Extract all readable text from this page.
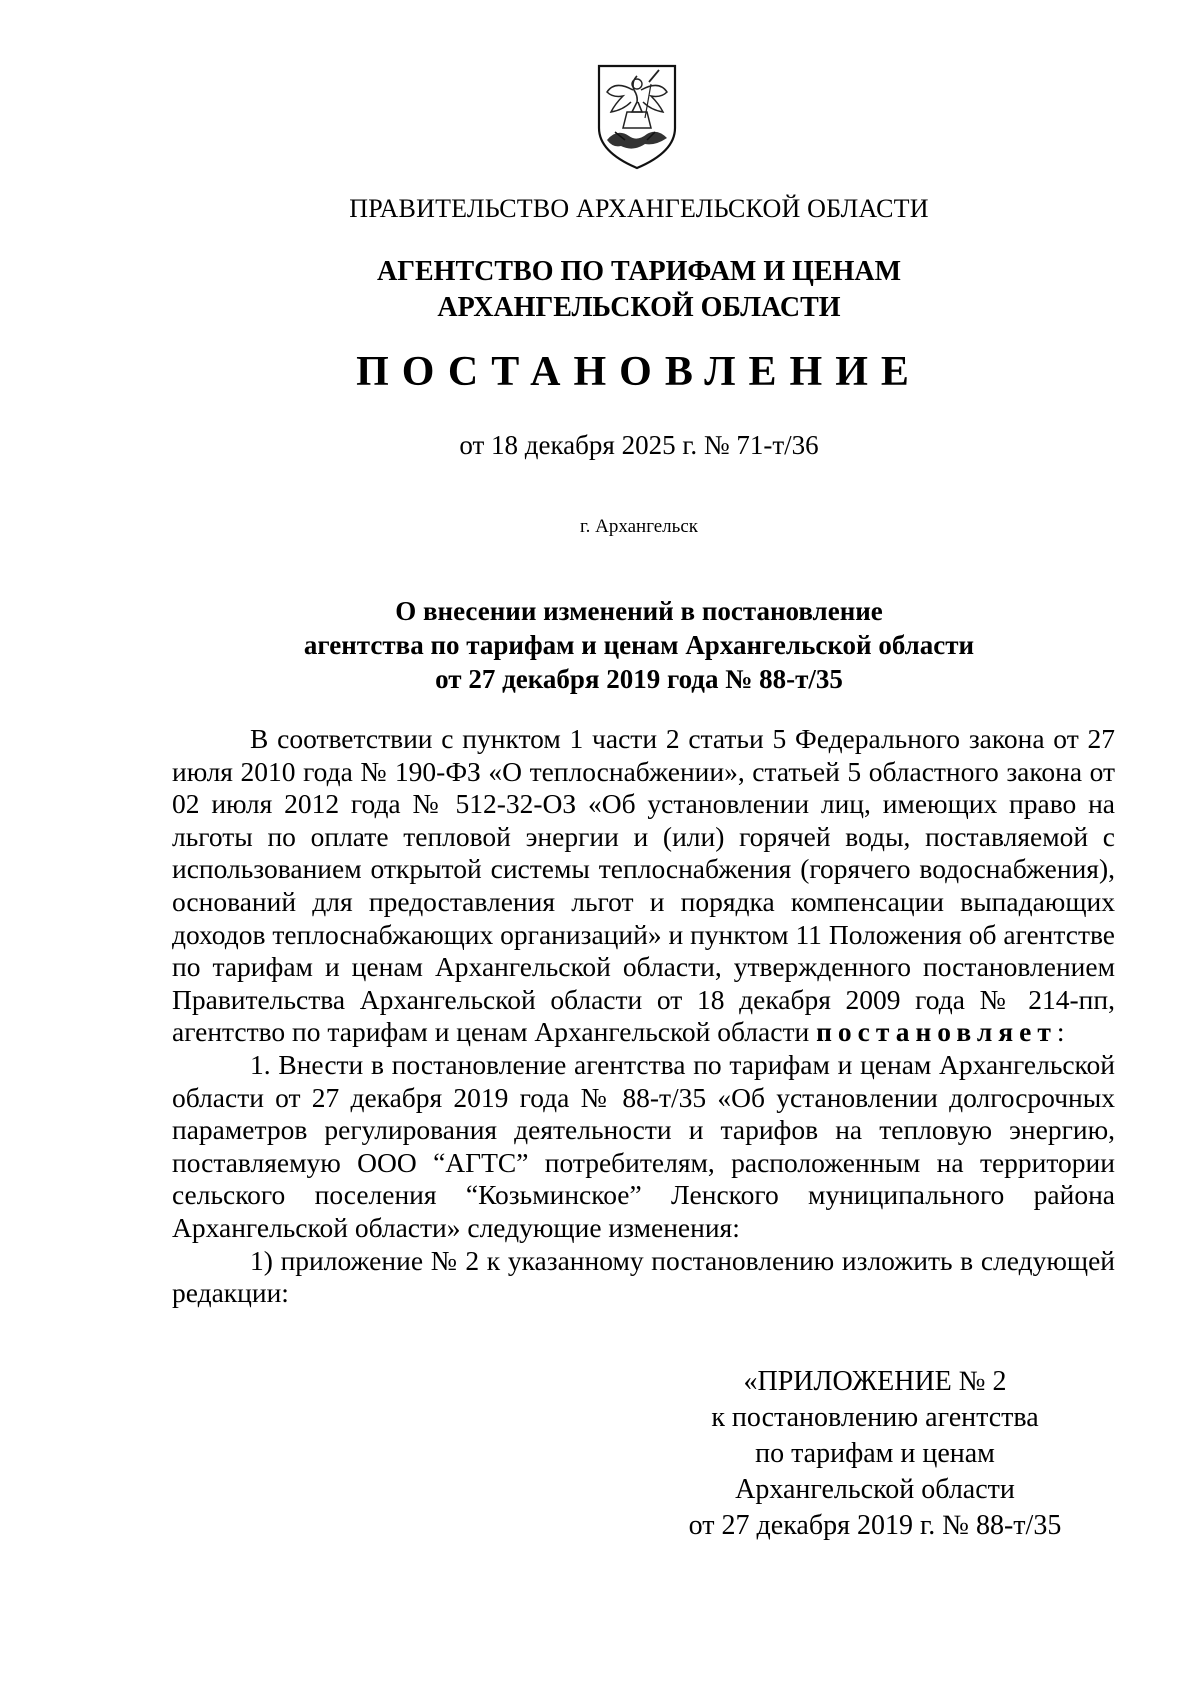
ПРАВИТЕЛЬСТВО АРХАНГЕЛЬСКОЙ ОБЛАСТИ
АГЕНТСТВО ПО ТАРИФАМ И ЦЕНАМ
АРХАНГЕЛЬСКОЙ ОБЛАСТИ
ПОСТАНОВЛЕНИЕ
от 18 декабря 2025 г. № 71-т/36
г. Архангельск
О внесении изменений в постановление
агентства по тарифам и ценам Архангельской области
от 27 декабря 2019 года № 88-т/35

В соответствии с пунктом 1 части 2 статьи 5 Федерального закона от 27 июля 2010 года № 190-ФЗ «О теплоснабжении», статьей 5 областного закона от 02 июля 2012 года № 512-32-ОЗ «Об установлении лиц, имеющих право на льготы по оплате тепловой энергии и (или) горячей воды, поставляемой с использованием открытой системы теплоснабжения (горячего водоснабжения), оснований для предоставления льгот и порядка компенсации выпадающих доходов теплоснабжающих организаций» и пунктом 11 Положения об агентстве по тарифам и ценам Архангельской области, утвержденного постановлением Правительства Архангельской области от 18 декабря 2009 года № 214-пп, агентство по тарифам и ценам Архангельской области постановляет:

1. Внести в постановление агентства по тарифам и ценам Архангельской области от 27 декабря 2019 года № 88-т/35 «Об установлении долгосрочных параметров регулирования деятельности и тарифов на тепловую энергию, поставляемую ООО “АГТС” потребителям, расположенным на территории сельского поселения “Козьминское” Ленского муниципального района Архангельской области» следующие изменения:

1) приложение № 2 к указанному постановлению изложить в следующей редакции:

«ПРИЛОЖЕНИЕ № 2
к постановлению агентства
по тарифам и ценам
Архангельской области
от 27 декабря 2019 г. № 88-т/35
